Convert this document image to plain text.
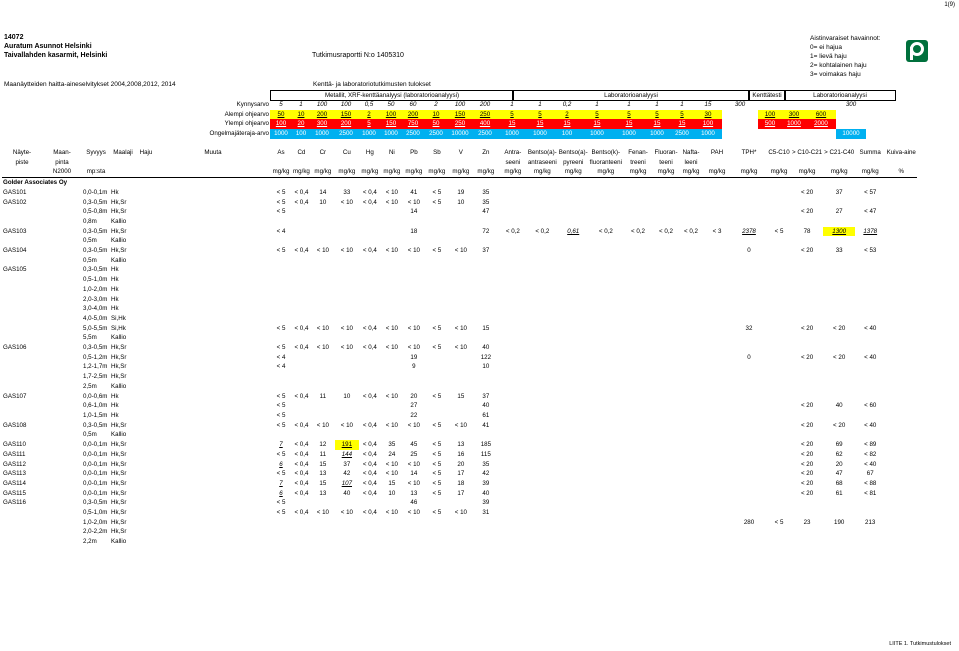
1(9)
14072
Auratum Asunnot Helsinki
Taivallahden kasarmit, Helsinki	Tutkimusraportti N:o 1405310
Maanäytteiden haitta-aineselvitykset 2004,2008,2012, 2014	Kenttä- ja laboratoriotutkimusten tulokset
Aistinvaraiset havainnot:
0= ei hajua
1= lievä haju
2= kohtalainen haju
3= voimakas haju
Metallit, XRF-kenttäanalyysi (laboratorioanalyysi)	Laboratorioanalyysi	Kenttätesti	Laboratorioanalyysi
Kynnysarvo	5	1	100	100	0,5	50	60	2	100	200	1	1	0,2	1	1	1	1	15	300				300
Alempi ohjearvo	50	10	200	150	2	100	200	10	150	250	5	5	2	5	5	5	5	30		100	300	600	
Ylempi ohjearvo	100	20	300	200	5	150	750	50	250	400	15	15	15	15	15	15	15	100		500	1000	2000	
Ongelmajäteraja-arvo	1000	100	1000	2500	1000	1000	2500	2500	10000	2500	1000	1000	100	1000	1000	1000	2500	1000					10000
Näyte-	Maan-	Syvyys	Maalaji	Haju	Muuta	As	Cd	Cr	Cu	Hg	Ni	Pb	Sb	V	Zn	Antra-	Bentso(a)-	Bentso(a)-	Bentso(k)-	Fenan-	Fluoran-	Nafta-	PAH	TPH*	C5-C10	> C10-C21	> C21-C40	Summa	Kuiva-aine
piste	pinta															seeni	antraseeni	pyreeni	fluoranteeni	treeni	teeni	leeni							
	N2000	mp:sta				mg/kg	mg/kg	mg/kg	mg/kg	mg/kg	mg/kg	mg/kg	mg/kg	mg/kg	mg/kg	mg/kg	mg/kg	mg/kg	mg/kg	mg/kg	mg/kg	mg/kg	mg/kg	mg/kg	mg/kg	mg/kg	mg/kg	mg/kg	%
Golder Associates Oy																													
GAS101		0,0-0,1m	Hk			< 5	< 0,4	14	33	< 0,4	< 10	41	< 5	19	35											< 20	37	< 57	
GAS102		0,3-0,5m	Hk,Sr			< 5	< 0,4	10	< 10	< 0,4	< 10	< 10	< 5	10	35														
		0,5-0,8m	Hk,Sr			< 5						14			47											< 20	27	< 47	
		0,8m	Kallio																										
GAS103		0,3-0,5m	Hk,Sr			< 4						18			72	< 0,2	< 0,2	0,61	< 0,2	< 0,2	< 0,2	< 0,2	< 3	2378	< 5	78	1300	1378	
		0,5m	Kallio																										
GAS104		0,3-0,5m	Hk,Sr			< 5	< 0,4	< 10	< 10	< 0,4	< 10	< 10	< 5	< 10	37									0		< 20	33	< 53	
		0,5m	Kallio																										
GAS105		0,3-0,5m	Hk																										
		0,5-1,0m	Hk																										
		1,0-2,0m	Hk																										
		2,0-3,0m	Hk																										
		3,0-4,0m	Hk																										
		4,0-5,0m	Si,Hk																										
		5,0-5,5m	Si,Hk			< 5	< 0,4	< 10	< 10	< 0,4	< 10	< 10	< 5	< 10	15									32		< 20	< 20	< 40	
		5,5m	Kallio																										
GAS106		0,3-0,5m	Hk,Sr			< 5	< 0,4	< 10	< 10	< 0,4	< 10	< 10	< 5	< 10	40														
		0,5-1,2m	Hk,Sr			< 4						19			122									0		< 20	< 20	< 40	
		1,2-1,7m	Hk,Sr			< 4						9			10														
		1,7-2,5m	Hk,Sr																										
		2,5m	Kallio																										
GAS107		0,0-0,6m	Hk			< 5	< 0,4	11	10	< 0,4	< 10	20	< 5	15	37														
		0,6-1,0m	Hk			< 5						27			40											< 20	40	< 60	
		1,0-1,5m	Hk			< 5						22			61														
GAS108		0,3-0,5m	Hk,Sr			< 5	< 0,4	< 10	< 10	< 0,4	< 10	< 10	< 5	< 10	41											< 20	< 20	< 40	
		0,5m	Kallio																										
GAS110		0,0-0,1m	Hk,Sr			7	< 0,4	12	191	< 0,4	35	45	< 5	13	185											< 20	69	< 89	
GAS111		0,0-0,1m	Hk,Sr			< 5	< 0,4	11	144	< 0,4	24	25	< 5	16	115											< 20	62	< 82	
GAS112		0,0-0,1m	Hk,Sr			6	< 0,4	15	37	< 0,4	< 10	< 10	< 5	20	35											< 20	20	< 40	
GAS113		0,0-0,1m	Hk,Sr			< 5	< 0,4	13	42	< 0,4	< 10	14	< 5	17	42											< 20	47	67	
GAS114		0,0-0,1m	Hk,Sr			7	< 0,4	15	107	< 0,4	15	< 10	< 5	18	39											< 20	68	< 88	
GAS115		0,0-0,1m	Hk,Sr			6	< 0,4	13	40	< 0,4	10	13	< 5	17	40											< 20	61	< 81	
GAS116		0,3-0,5m	Hk,Sr			< 5						46			39														
		0,5-1,0m	Hk,Sr			< 5	< 0,4	< 10	< 10	< 0,4	< 10	< 10	< 5	< 10	31														
		1,0-2,0m	Hk,Sr																					280	< 5	23	190	213	
		2,0-2,2m	Hk,Sr																										
		2,2m	Kallio																										
LIITE 1. Tutkimustulokset
